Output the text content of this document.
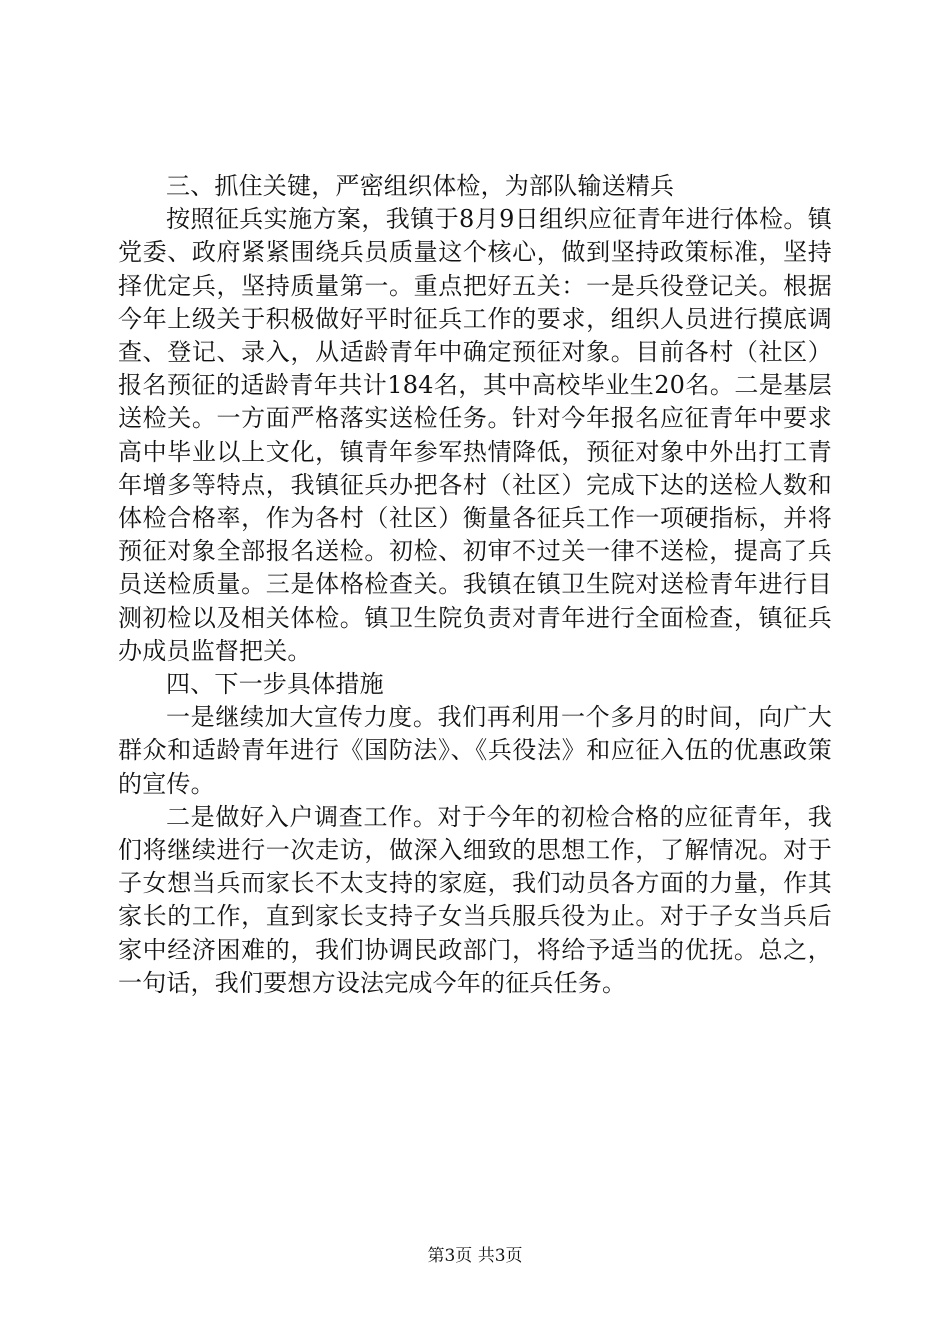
三、抓住关键，严密组织体检，为部队输送精兵

按照征兵实施方案，我镇于8月9日组织应征青年进行体检。镇党委、政府紧紧围绕兵员质量这个核心，做到坚持政策标准，坚持择优定兵，坚持质量第一。重点把好五关：一是兵役登记关。根据今年上级关于积极做好平时征兵工作的要求，组织人员进行摸底调查、登记、录入，从适龄青年中确定预征对象。目前各村（社区）报名预征的适龄青年共计184名，其中高校毕业生20名。二是基层送检关。一方面严格落实送检任务。针对今年报名应征青年中要求高中毕业以上文化，镇青年参军热情降低，预征对象中外出打工青年增多等特点，我镇征兵办把各村（社区）完成下达的送检人数和体检合格率，作为各村（社区）衡量各征兵工作一项硬指标，并将预征对象全部报名送检。初检、初审不过关一律不送检，提高了兵员送检质量。三是体格检查关。我镇在镇卫生院对送检青年进行目测初检以及相关体检。镇卫生院负责对青年进行全面检查，镇征兵办成员监督把关。

四、下一步具体措施

一是继续加大宣传力度。我们再利用一个多月的时间，向广大群众和适龄青年进行《国防法》、《兵役法》和应征入伍的优惠政策的宣传。

二是做好入户调查工作。对于今年的初检合格的应征青年，我们将继续进行一次走访，做深入细致的思想工作，了解情况。对于子女想当兵而家长不太支持的家庭，我们动员各方面的力量，作其家长的工作，直到家长支持子女当兵服兵役为止。对于子女当兵后家中经济困难的，我们协调民政部门，将给予适当的优抚。总之，一句话，我们要想方设法完成今年的征兵任务。

第3页 共3页
